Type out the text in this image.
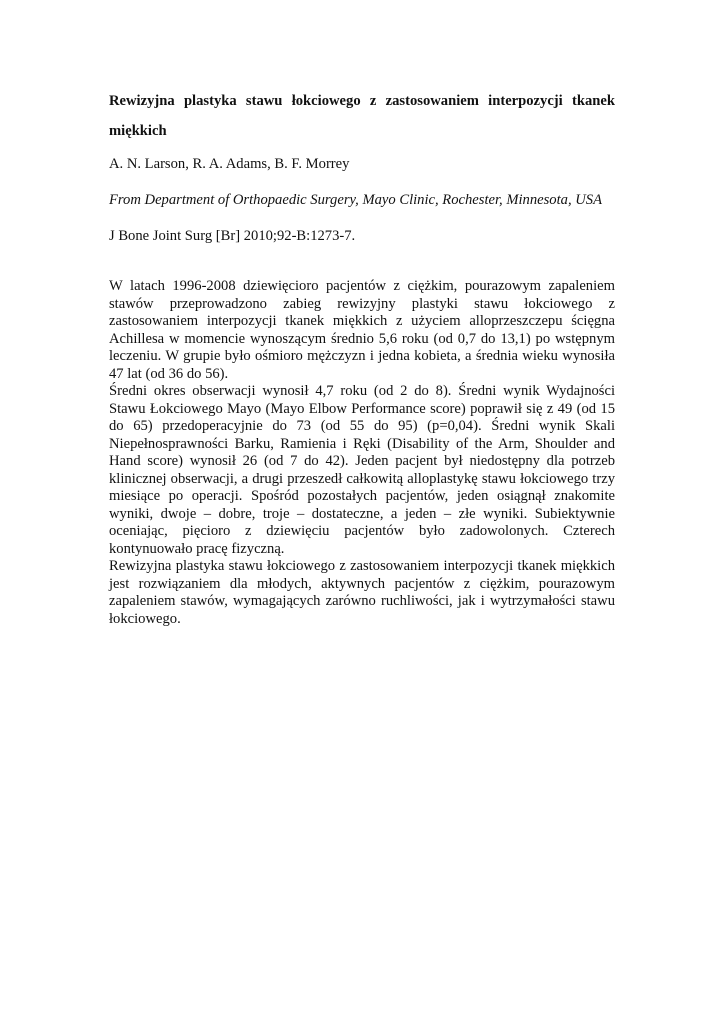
Rewizyjna plastyka stawu łokciowego z zastosowaniem interpozycji tkanek miękkich

A. N. Larson, R. A. Adams, B. F. Morrey

From Department of Orthopaedic Surgery, Mayo Clinic, Rochester, Minnesota, USA

J Bone Joint Surg [Br] 2010;92-B:1273-7.

W latach 1996-2008 dziewięcioro pacjentów z ciężkim, pourazowym zapaleniem stawów przeprowadzono zabieg rewizyjny plastyki stawu łokciowego z zastosowaniem interpozycji tkanek miękkich z użyciem alloprzeszczepu ścięgna Achillesa w momencie wynoszącym średnio 5,6 roku (od 0,7 do 13,1) po wstępnym leczeniu. W grupie było ośmioro mężczyzn i jedna kobieta, a średnia wieku wynosiła 47 lat (od 36 do 56).

Średni okres obserwacji wynosił 4,7 roku (od 2 do 8). Średni wynik Wydajności Stawu Łokciowego Mayo (Mayo Elbow Performance score) poprawił się z 49 (od 15 do 65) przedoperacyjnie do 73 (od 55 do 95) (p=0,04). Średni wynik Skali Niepełnosprawności Barku, Ramienia i Ręki (Disability of the Arm, Shoulder and Hand score) wynosił 26 (od 7 do 42). Jeden pacjent był niedostępny dla potrzeb klinicznej obserwacji, a drugi przeszedł całkowitą alloplastykę stawu łokciowego trzy miesiące po operacji. Spośród pozostałych pacjentów, jeden osiągnął znakomite wyniki, dwoje – dobre, troje – dostateczne, a jeden – złe wyniki. Subiektywnie oceniając, pięcioro z dziewięciu pacjentów było zadowolonych. Czterech kontynuowało pracę fizyczną.

Rewizyjna plastyka stawu łokciowego z zastosowaniem interpozycji tkanek miękkich jest rozwiązaniem dla młodych, aktywnych pacjentów z ciężkim, pourazowym zapaleniem stawów, wymagających zarówno ruchliwości, jak i wytrzymałości stawu łokciowego.
